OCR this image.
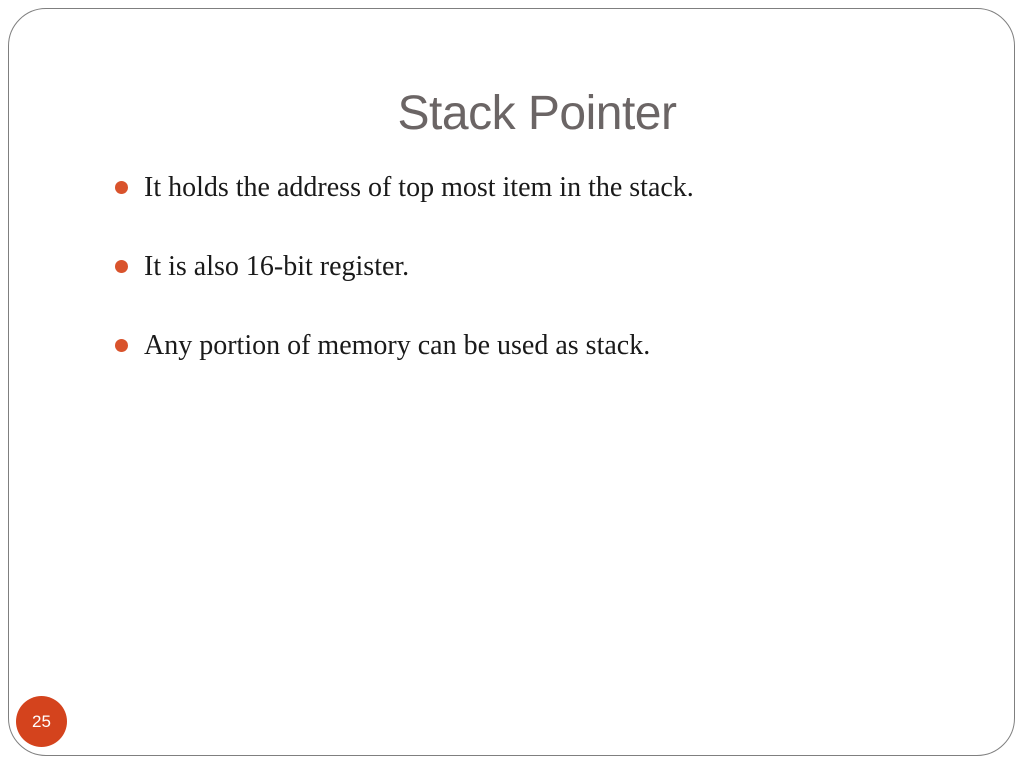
Stack Pointer
It holds the address of top most item in the stack.
It is also 16-bit register.
Any portion of memory can be used as stack.
25
